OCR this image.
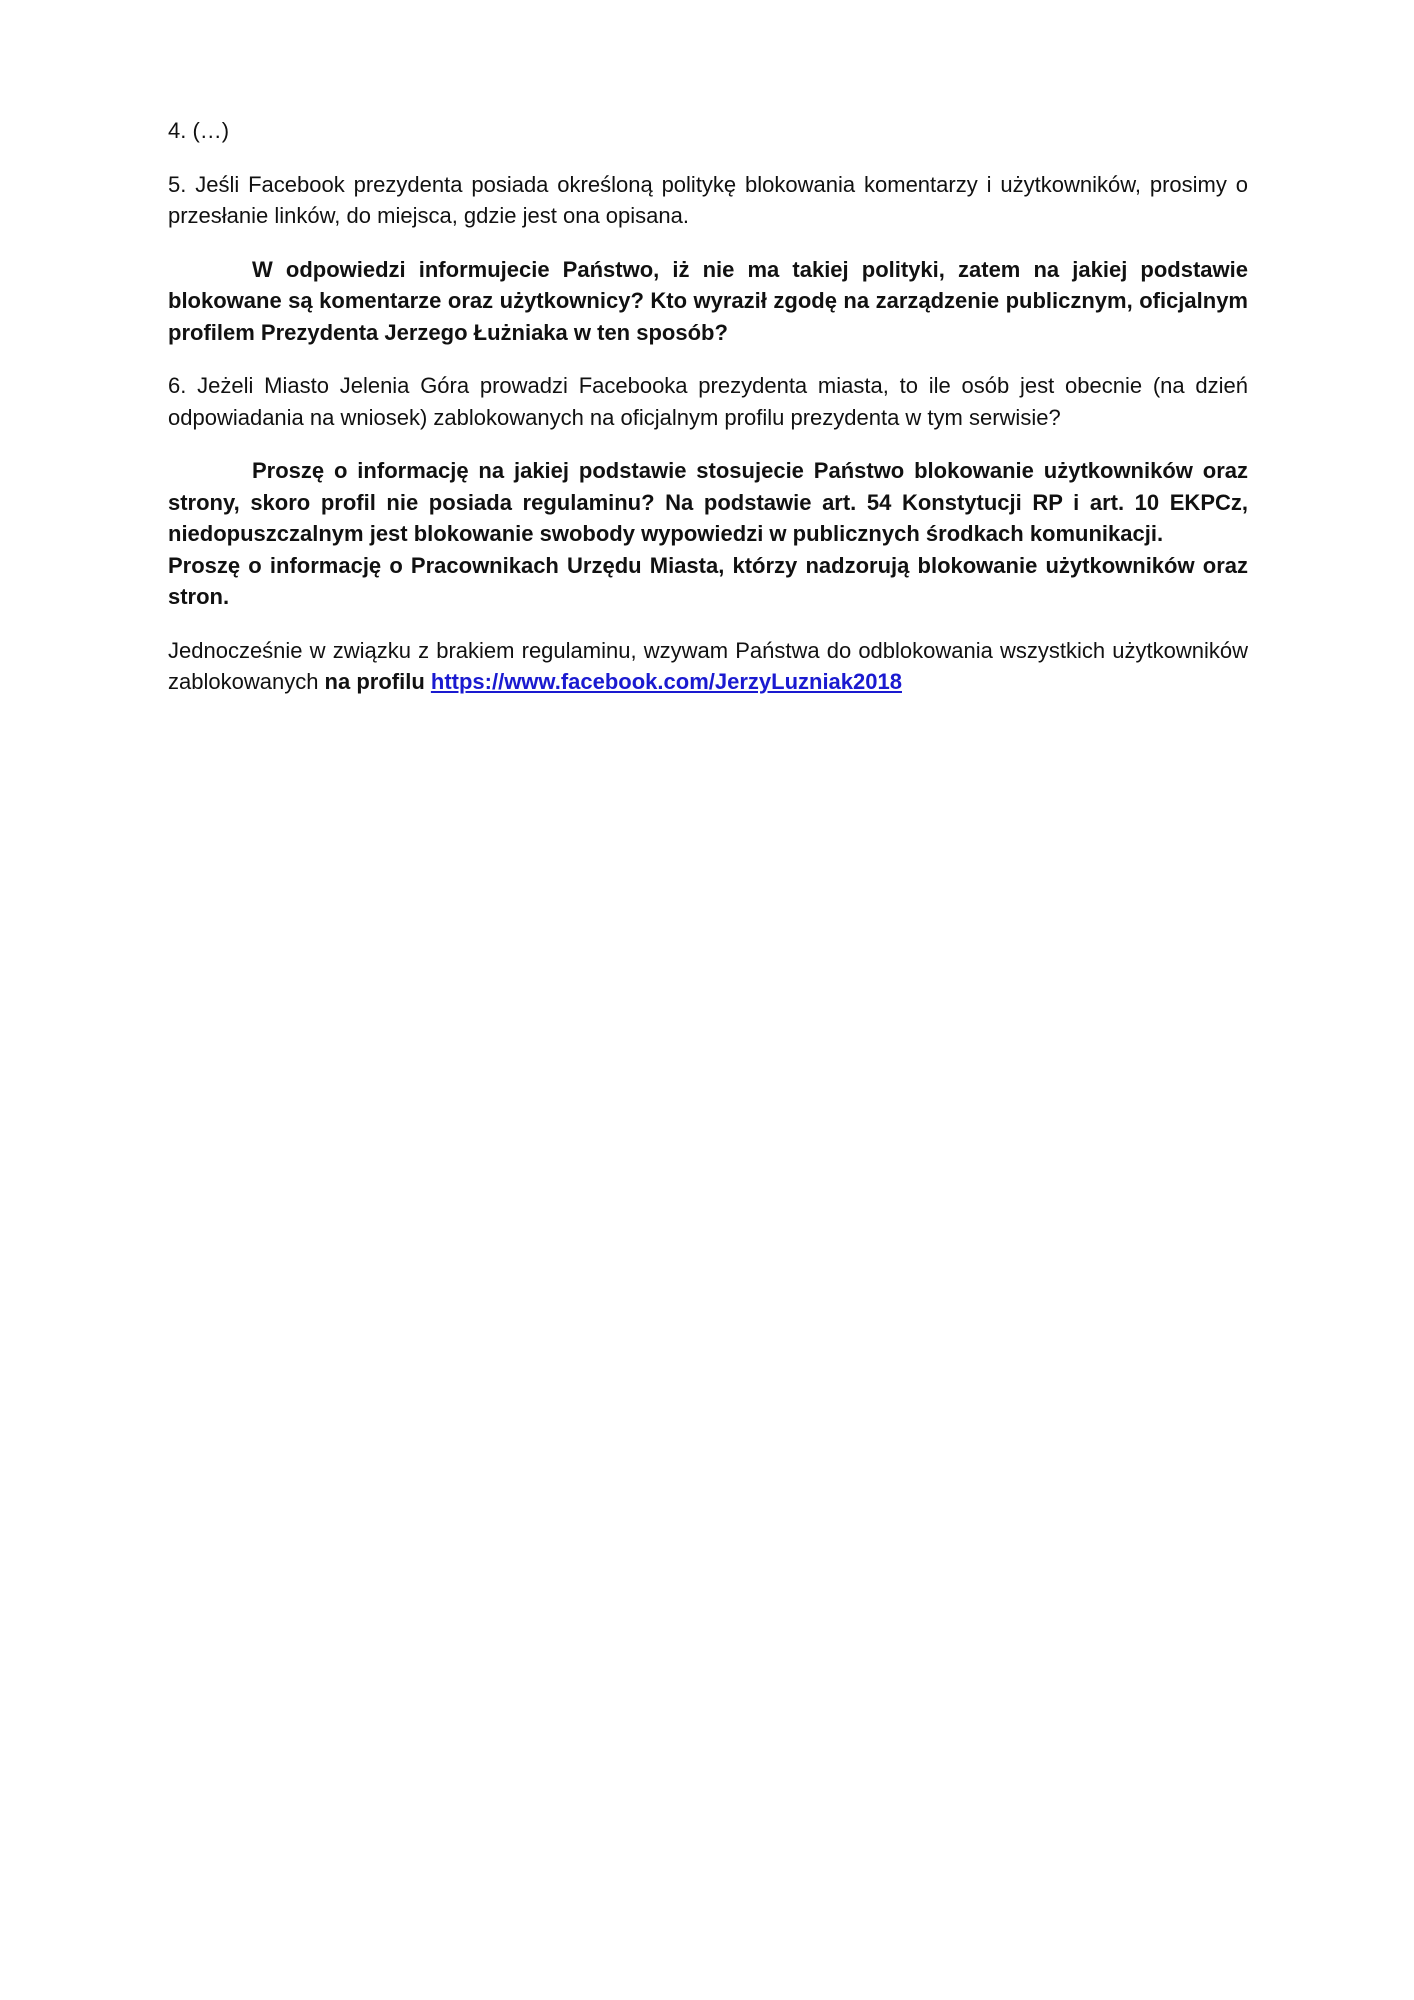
4. (…)

5. Jeśli Facebook prezydenta posiada określoną politykę blokowania komentarzy i użytkowników, prosimy o przesłanie linków, do miejsca, gdzie jest ona opisana.

W odpowiedzi informujecie Państwo, iż nie ma takiej polityki, zatem na jakiej podstawie blokowane są komentarze oraz użytkownicy? Kto wyraził zgodę na zarządzenie publicznym, oficjalnym profilem Prezydenta Jerzego Łużniaka w ten sposób?

6. Jeżeli Miasto Jelenia Góra prowadzi Facebooka prezydenta miasta, to ile osób jest obecnie (na dzień odpowiadania na wniosek) zablokowanych na oficjalnym profilu prezydenta w tym serwisie?

Proszę o informację na jakiej podstawie stosujecie Państwo blokowanie użytkowników oraz strony, skoro profil nie posiada regulaminu? Na podstawie art. 54 Konstytucji RP i art. 10 EKPCz, niedopuszczalnym jest blokowanie swobody wypowiedzi w publicznych środkach komunikacji.

Proszę o informację o Pracownikach Urzędu Miasta, którzy nadzorują blokowanie użytkowników oraz stron.

Jednocześnie w związku z brakiem regulaminu, wzywam Państwa do odblokowania wszystkich użytkowników zablokowanych na profilu https://www.facebook.com/JerzyLuzniak2018
